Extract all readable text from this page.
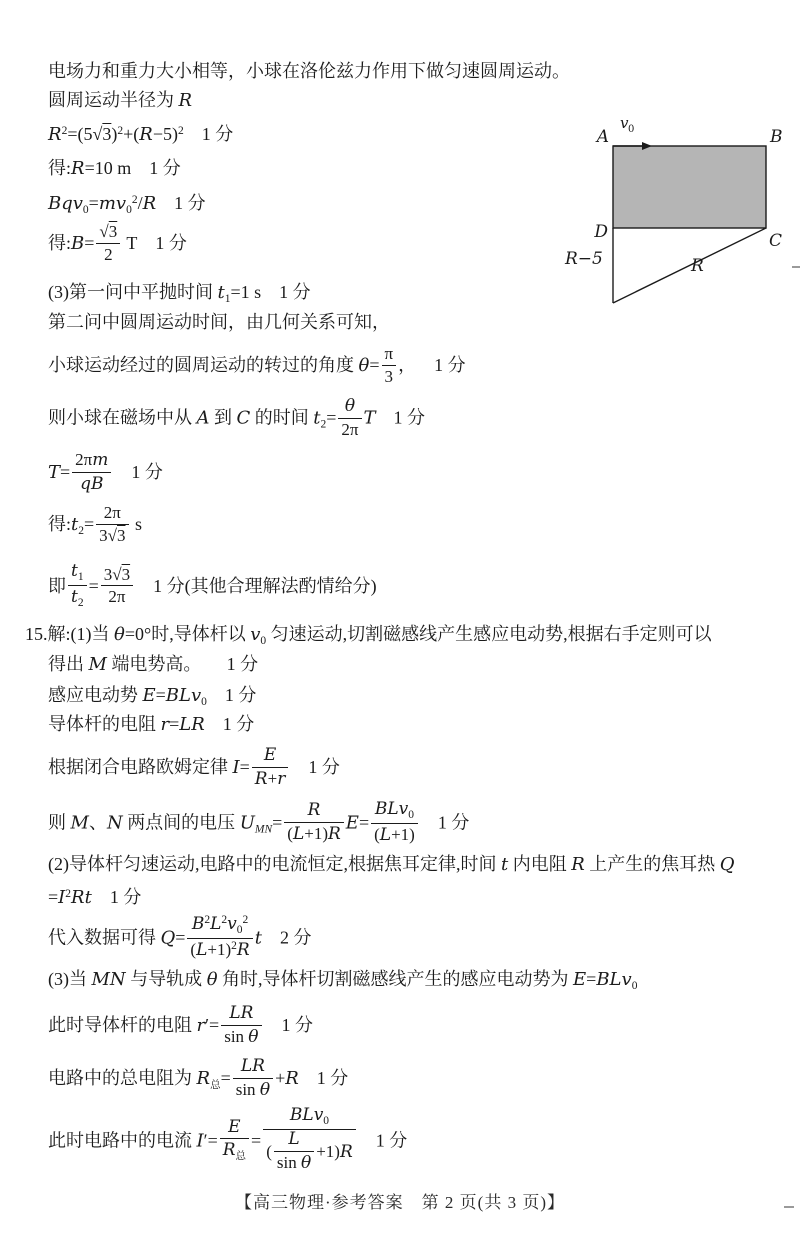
电场力和重力大小相等，小球在洛伦兹力作用下做匀速圆周运动。
圆周运动半径为 R
$R^2=(5√3)^2+(R-5)^2$ 1 分
得:R=10 m 1 分
$Bqv_0=mv_0^2/R$ 1 分
得:B= $\frac{√3}{2}$ T 1 分
(3)第一问中平抛时间 $t_1=1$ s 1 分
第二问中圆周运动时间，由几何关系可知，
小球运动经过的圆周运动的转过的角度 $\theta= \frac{\pi}{3}$ ， 1 分
则小球在磁场中从 A 到 C 的时间 $t_2= \frac{\theta}{2\pi}$ T 1 分
$T= \frac{2\pi m}{qB} 1$ 分
得$:t_2= \frac{2\pi}{3√3}$ s
即 $\frac{t_1}{t_2} = \frac{3√3}{2\pi} 1$ 分(其他合理解法酌情给分)
15.解:(1)当 θ=0°时,导体杆以 $v_0$ 匀速运动,切割磁感线产生感应电动势,根据右手定则可以
得出 M 端电势高。 1 分
感应电动势 E=BLv$_0$ 1 分
导体杆的电阻 r=LR 1 分
根据闭合电路欧姆定律 $I= \frac{E}{R+r} 1$ 分
则 M、N 两点间的电压 $U_{MN}= \frac{R}{(L+1)R} E= \frac{BLv_0}{(L+1)} 1$ 分
(2)导体杆匀速运动,电路中的电流恒定,根据焦耳定律,时间 t 内电阻 R 上产生的焦耳热 Q
$=I^2Rt$ 1 分
代入数据可得 $Q= \frac{B^2L^2v_0^2}{(L+1)^2R}$ t 2 分
(3)当 MN 与导轨成 θ 角时,导体杆切割磁感线产生的感应电动势为 E=BLv$_0$
此时导体杆的电阻 $r'= \frac{LR}{\text{sin θ}} 1$ 分
电路中的总电阻为 $R_总= \frac{LR}{\text{sin θ}} +R$ 1 分
此时电路中的电流 $I'= \frac{E}{R_总} = \frac{BLv_0}{( \frac{L}{\text{sin θ}} +1)R} 1$ 分
A	B
D	C
v 0
R−5	R
【高三物理·参考答案　第 2 页(共 3 页)】
